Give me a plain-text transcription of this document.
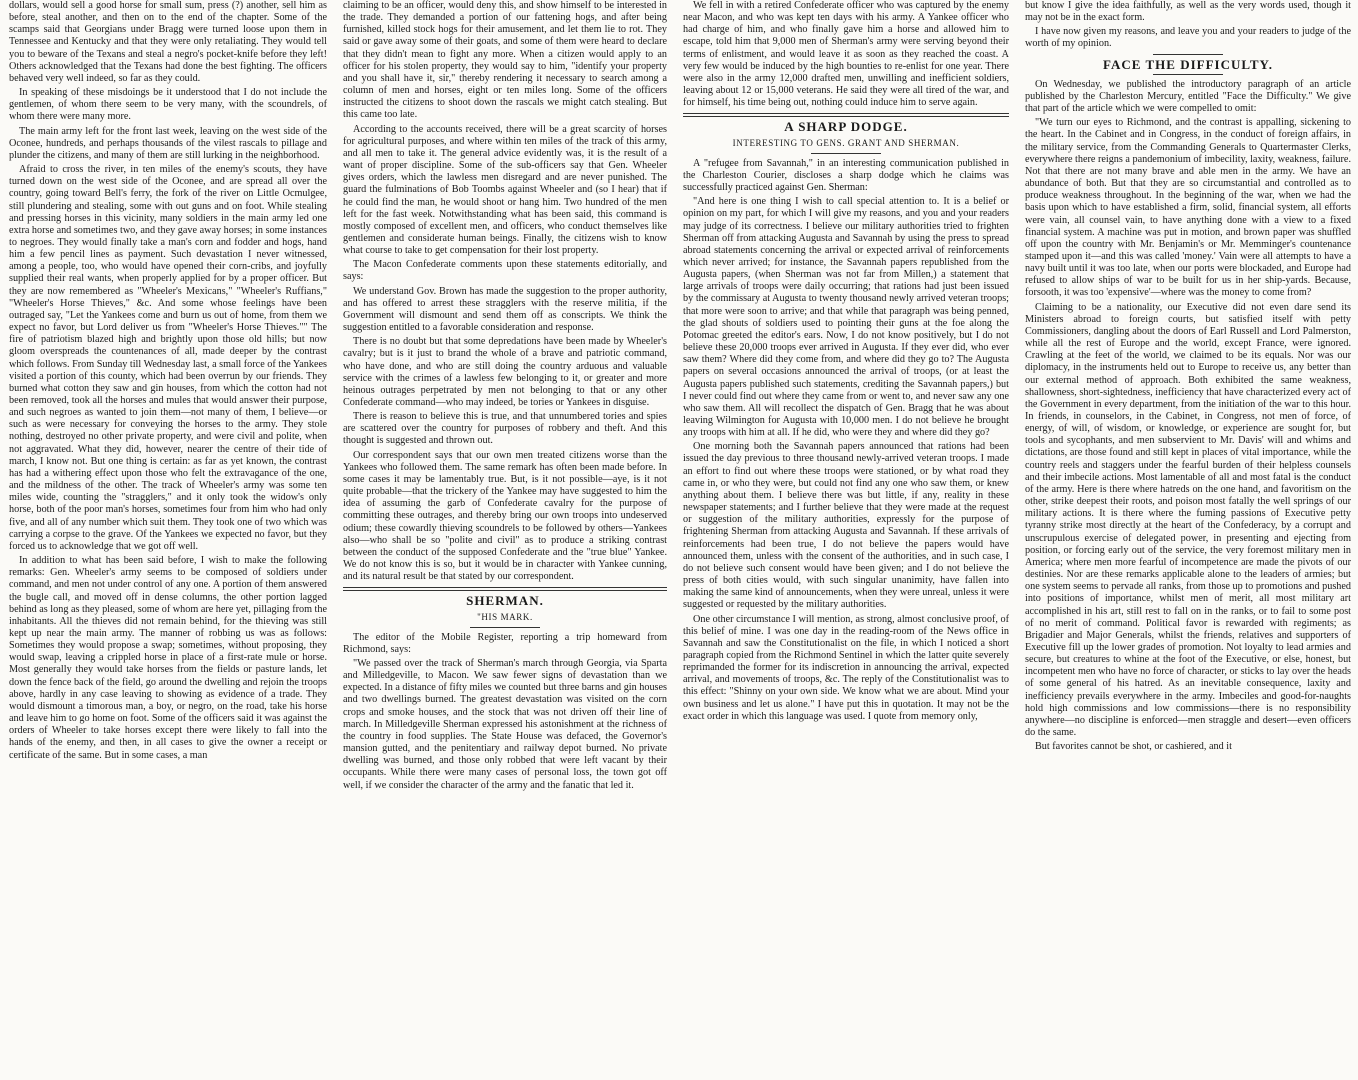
dollars, would sell a good horse for small sum, press (?) another, sell him as before, steal another, and then on to the end of the chapter. Some of the scamps said that Georgians under Bragg were turned loose upon them in Tennessee and Kentucky and that they were only retaliating. They would tell you to beware of the Texans and steal a negro's pocket-knife before they left! Others acknowledged that the Texans had done the best fighting. The officers behaved very well indeed, so far as they could.

In speaking of these misdoings be it understood that I do not include the gentlemen, of whom there seem to be very many, with the scoundrels, of whom there were many more.

The main army left for the front last week, leaving on the west side of the Oconee, hundreds, and perhaps thousands of the vilest rascals to pillage and plunder the citizens, and many of them are still lurking in the neighborhood.

Afraid to cross the river, in ten miles of the enemy's scouts, they have turned down on the west side of the Oconee, and are spread all over the country, going toward Bell's ferry, the fork of the river on Little Ocmulgee, still plundering and stealing, some with out guns and on foot. While stealing and pressing horses in this vicinity, many soldiers in the main army led one extra horse and sometimes two, and they gave away horses; in some instances to negroes. They would finally take a man's corn and fodder and hogs, hand him a few pencil lines as payment. Such devastation I never witnessed, among a people, too, who would have opened their corn-cribs, and joyfully supplied their real wants, when properly applied for by a proper officer. But they are now remembered as "Wheeler's Mexicans," "Wheeler's Ruffians," "Wheeler's Horse Thieves," &c. And some whose feelings have been outraged say, "Let the Yankees come and burn us out of home, from them we expect no favor, but Lord deliver us from "Wheeler's Horse Thieves."" The fire of patriotism blazed high and brightly upon those old hills; but now gloom overspreads the countenances of all, made deeper by the contrast which follows. From Sunday till Wednesday last, a small force of the Yankees visited a portion of this county, which had been overrun by our friends. They burned what cotton they saw and gin houses, from which the cotton had not been removed, took all the horses and mules that would answer their purpose, and such negroes as wanted to join them—not many of them, I believe—or such as were necessary for conveying the horses to the army. They stole nothing, destroyed no other private property, and were civil and polite, when not aggravated. What they did, however, nearer the centre of their tide of march, I know not. But one thing is certain: as far as yet known, the contrast has had a withering effect upon those who felt the extravagance of the one, and the mildness of the other. The track of Wheeler's army was some ten miles wide, counting the "stragglers," and it only took the widow's only horse, both of the poor man's horses, sometimes four from him who had only five, and all of any number which suit them. They took one of two which was carrying a corpse to the grave. Of the Yankees we expected no favor, but they forced us to acknowledge that we got off well.

In addition to what has been said before, I wish to make the following remarks: Gen. Wheeler's army seems to be composed of soldiers under command, and men not under control of any one. A portion of them answered the bugle call, and moved off in dense columns, the other portion lagged behind as long as they pleased, some of whom are here yet, pillaging from the inhabitants. All the thieves did not remain behind, for the thieving was still kept up near the main army. The manner of robbing us was as follows: Sometimes they would propose a swap; sometimes, without proposing, they would swap, leaving a crippled horse in place of a first-rate mule or horse. Most generally they would take horses from the fields or pasture lands, let down the fence back of the field, go around the dwelling and rejoin the troops above, hardly in any case leaving to showing as evidence of a trade. They would dismount a timorous man, a boy, or negro, on the road, take his horse and leave him to go home on foot. Some of the officers said it was against the orders of Wheeler to take horses except there were likely to fall into the hands of the enemy, and then, in all cases to give the owner a receipt or certificate of the same. But in some cases, a man

claiming to be an officer, would deny this, and show himself to be interested in the trade. They demanded a portion of our fattening hogs, and after being furnished, killed stock hogs for their amusement, and let them lie to rot. They said or gave away some of their goats, and some of them were heard to declare that they didn't mean to fight any more. When a citizen would apply to an officer for his stolen property, they would say to him, "identify your property and you shall have it, sir," thereby rendering it necessary to search among a column of men and horses, eight or ten miles long. Some of the officers instructed the citizens to shoot down the rascals we might catch stealing. But this came too late.

According to the accounts received, there will be a great scarcity of horses for agricultural purposes, and where within ten miles of the track of this army, and all men to take it. The general advice evidently was, it is the result of a want of proper discipline. Some of the sub-officers say that Gen. Wheeler gives orders, which the lawless men disregard and are never punished. The guard the fulminations of Bob Toombs against Wheeler and (so I hear) that if he could find the man, he would shoot or hang him. Two hundred of the men left for the fast week. Notwithstanding what has been said, this command is mostly composed of excellent men, and officers, who conduct themselves like gentlemen and considerate human beings. Finally, the citizens wish to know what course to take to get compensation for their lost property.

The Macon Confederate comments upon these statements editorially, and says:

We understand Gov. Brown has made the suggestion to the proper authority, and has offered to arrest these stragglers with the reserve militia, if the Government will dismount and send them off as conscripts. We think the suggestion entitled to a favorable consideration and response.

There is no doubt but that some depredations have been made by Wheeler's cavalry; but is it just to brand the whole of a brave and patriotic command, who have done, and who are still doing the country arduous and valuable service with the crimes of a lawless few belonging to it, or greater and more heinous outrages perpetrated by men not belonging to that or any other Confederate command—who may indeed, be tories or Yankees in disguise.

There is reason to believe this is true, and that unnumbered tories and spies are scattered over the country for purposes of robbery and theft. And this thought is suggested and thrown out.

Our correspondent says that our own men treated citizens worse than the Yankees who followed them. The same remark has often been made before. In some cases it may be lamentably true. But, is it not possible—aye, is it not quite probable—that the trickery of the Yankee may have suggested to him the idea of assuming the garb of Confederate cavalry for the purpose of committing these outrages, and thereby bring our own troops into undeserved odium; these cowardly thieving scoundrels to be followed by others—Yankees also—who shall be so "polite and civil" as to produce a striking contrast between the conduct of the supposed Confederate and the "true blue" Yankee. We do not know this is so, but it would be in character with Yankee cunning, and its natural result be that stated by our correspondent.

SHERMAN.
"HIS MARK.

The editor of the Mobile Register, reporting a trip homeward from Richmond, says:

"We passed over the track of Sherman's march through Georgia, via Sparta and Milledgeville, to Macon. We saw fewer signs of devastation than we expected. In a distance of fifty miles we counted but three barns and gin houses and two dwellings burned. The greatest devastation was visited on the corn crops and smoke houses, and the stock that was not driven off their line of march. In Milledgeville Sherman expressed his astonishment at the richness of the country in food supplies. The State House was defaced, the Governor's mansion gutted, and the penitentiary and railway depot burned. No private dwelling was burned, and those only robbed that were left vacant by their occupants. While there were many cases of personal loss, the town got off well, if we consider the character of the army and the fanatic that led it.

We fell in with a retired Confederate officer who was captured by the enemy near Macon, and who was kept ten days with his army. A Yankee officer who had charge of him, and who finally gave him a horse and allowed him to escape, told him that 9,000 men of Sherman's army were serving beyond their terms of enlistment, and would leave it as soon as they reached the coast. A very few would be induced by the high bounties to re-enlist for one year. There were also in the army 12,000 drafted men, unwilling and inefficient soldiers, leaving about 12 or 15,000 veterans. He said they were all tired of the war, and for himself, his time being out, nothing could induce him to serve again.

A SHARP DODGE.
INTERESTING TO GENS. GRANT AND SHERMAN.

A "refugee from Savannah," in an interesting communication published in the Charleston Courier, discloses a sharp dodge which he claims was successfully practiced against Gen. Sherman:

"And here is one thing I wish to call special attention to. It is a belief or opinion on my part, for which I will give my reasons, and you and your readers may judge of its correctness. I believe our military authorities tried to frighten Sherman off from attacking Augusta and Savannah by using the press to spread abroad statements concerning the arrival or expected arrival of reinforcements which never arrived; for instance, the Savannah papers republished from the Augusta papers, (when Sherman was not far from Millen,) a statement that large arrivals of troops were daily occurring; that rations had just been issued by the commissary at Augusta to twenty thousand newly arrived veteran troops; that more were soon to arrive; and that while that paragraph was being penned, the glad shouts of soldiers used to pointing their guns at the foe along the Potomac greeted the editor's ears. Now, I do not know positively, but I do not believe these 20,000 troops ever arrived in Augusta. If they ever did, who ever saw them? Where did they come from, and where did they go to? The Augusta papers on several occasions announced the arrival of troops, (or at least the Augusta papers published such statements, crediting the Savannah papers,) but I never could find out where they came from or went to, and never saw any one who saw them. All will recollect the dispatch of Gen. Bragg that he was about leaving Wilmington for Augusta with 10,000 men. I do not believe he brought any troops with him at all. If he did, who were they and where did they go?

One morning both the Savannah papers announced that rations had been issued the day previous to three thousand newly-arrived veteran troops. I made an effort to find out where these troops were stationed, or by what road they came in, or who they were, but could not find any one who saw them, or knew anything about them. I believe there was but little, if any, reality in these newspaper statements; and I further believe that they were made at the request or suggestion of the military authorities, expressly for the purpose of frightening Sherman from attacking Augusta and Savannah. If these arrivals of reinforcements had been true, I do not believe the papers would have announced them, unless with the consent of the authorities, and in such case, I do not believe such consent would have been given; and I do not believe the press of both cities would, with such singular unanimity, have fallen into making the same kind of announcements, when they were unreal, unless it were suggested or requested by the military authorities.

One other circumstance I will mention, as strong, almost conclusive proof, of this belief of mine. I was one day in the reading-room of the News office in Savannah and saw the Constitutionalist on the file, in which I noticed a short paragraph copied from the Richmond Sentinel in which the latter quite severely reprimanded the former for its indiscretion in announcing the arrival, expected arrival, and movements of troops, &c. The reply of the Constitutionalist was to this effect: "Shinny on your own side. We know what we are about. Mind your own business and let us alone." I have put this in quotation. It may not be the exact order in which this language was used. I quote from memory only,

but know I give the idea faithfully, as well as the very words used, though it may not be in the exact form.

I have now given my reasons, and leave you and your readers to judge of the worth of my opinion.

FACE THE DIFFICULTY.

On Wednesday, we published the introductory paragraph of an article published by the Charleston Mercury, entitled "Face the Difficulty." We give that part of the article which we were compelled to omit:

"We turn our eyes to Richmond, and the contrast is appalling, sickening to the heart. In the Cabinet and in Congress, in the conduct of foreign affairs, in the military service, from the Commanding Generals to Quartermaster Clerks, everywhere there reigns a pandemonium of imbecility, laxity, weakness, failure. Not that there are not many brave and able men in the army. We have an abundance of both. But that they are so circumstantial and controlled as to produce weakness throughout. In the beginning of the war, when we had the basis upon which to have established a firm, solid, financial system, all efforts were vain, all counsel vain, to have anything done with a view to a fixed financial system. A machine was put in motion, and brown paper was shuffled off upon the country with Mr. Benjamin's or Mr. Memminger's countenance stamped upon it—and this was called 'money.' Vain were all attempts to have a navy built until it was too late, when our ports were blockaded, and Europe had refused to allow ships of war to be built for us in her ship-yards. Because, forsooth, it was too 'expensive'—where was the money to come from?

Claiming to be a nationality, our Executive did not even dare send its Ministers abroad to foreign courts, but satisfied itself with petty Commissioners, dangling about the doors of Earl Russell and Lord Palmerston, while all the rest of Europe and the world, except France, were ignored. Crawling at the feet of the world, we claimed to be its equals. Nor was our diplomacy, in the instruments held out to Europe to receive us, any better than our external method of approach. Both exhibited the same weakness, shallowness, short-sightedness, inefficiency that have characterized every act of the Government in every department, from the initiation of the war to this hour. In friends, in counselors, in the Cabinet, in Congress, not men of force, of energy, of will, of wisdom, or knowledge, or experience are sought for, but tools and sycophants, and men subservient to Mr. Davis' will and whims and dictations, are those found and still kept in places of vital importance, while the country reels and staggers under the fearful burden of their helpless counsels and their imbecile actions. Most lamentable of all and most fatal is the conduct of the army. Here is there where hatreds on the one hand, and favoritism on the other, strike deepest their roots, and poison most fatally the well springs of our military actions. It is there where the fuming passions of Executive petty tyranny strike most directly at the heart of the Confederacy, by a corrupt and unscrupulous exercise of delegated power, in presenting and ejecting from position, or forcing early out of the service, the very foremost military men in America; where men more fearful of incompetence are made the pivots of our destinies. Nor are these remarks applicable alone to the leaders of armies; but one system seems to pervade all ranks, from those up to promotions and pushed into positions of importance, whilst men of merit, all most military art accomplished in his art, still rest to fall on in the ranks, or to fail to some post of no merit of command. Political favor is rewarded with regiments; as Brigadier and Major Generals, whilst the friends, relatives and supporters of Executive fill up the lower grades of promotion. Not loyalty to lead armies and secure, but creatures to whine at the foot of the Executive, or else, honest, but incompetent men who have no force of character, or sticks to lay over the heads of some general of his hatred. As an inevitable consequence, laxity and inefficiency prevails everywhere in the army. Imbeciles and good-for-naughts hold high commissions and low commissions—there is no responsibility anywhere—no discipline is enforced—men straggle and desert—even officers do the same.

But favorites cannot be shot, or cashiered, and it
